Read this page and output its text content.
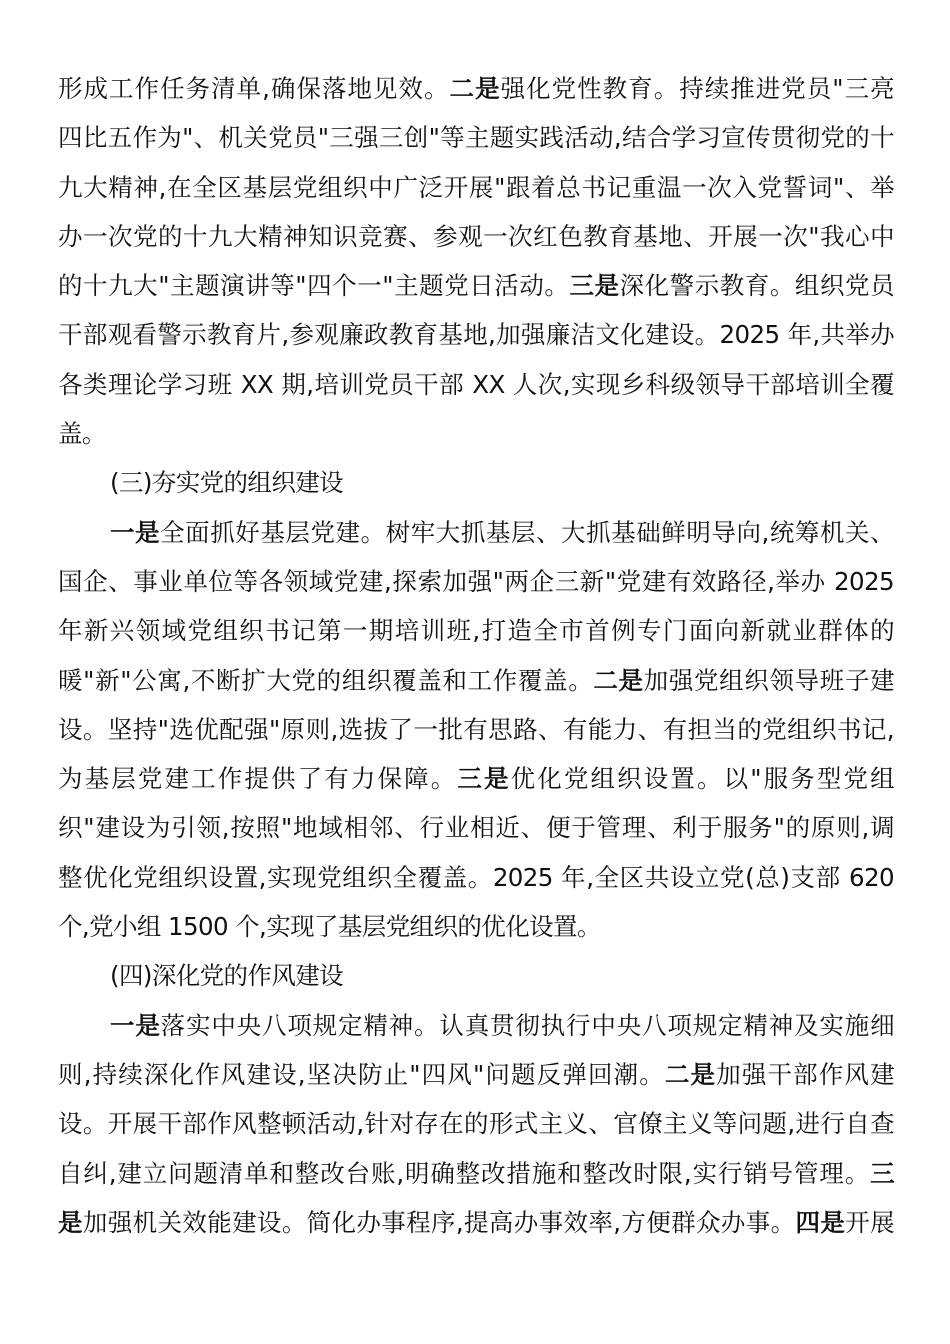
形成工作任务清单,确保落地见效。二是强化党性教育。持续推进党员"三亮
四比五作为"、机关党员"三强三创"等主题实践活动,结合学习宣传贯彻党的十
九大精神,在全区基层党组织中广泛开展"跟着总书记重温一次入党誓词"、举
办一次党的十九大精神知识竞赛、参观一次红色教育基地、开展一次"我心中
的十九大"主题演讲等"四个一"主题党日活动。三是深化警示教育。组织党员
干部观看警示教育片,参观廉政教育基地,加强廉洁文化建设。2025 年,共举办
各类理论学习班 XX 期,培训党员干部 XX 人次,实现乡科级领导干部培训全覆
盖。
(三)夯实党的组织建设
一是全面抓好基层党建。树牢大抓基层、大抓基础鲜明导向,统筹机关、
国企、事业单位等各领域党建,探索加强"两企三新"党建有效路径,举办 2025
年新兴领域党组织书记第一期培训班,打造全市首例专门面向新就业群体的
暖"新"公寓,不断扩大党的组织覆盖和工作覆盖。二是加强党组织领导班子建
设。坚持"选优配强"原则,选拔了一批有思路、有能力、有担当的党组织书记,
为基层党建工作提供了有力保障。三是优化党组织设置。以"服务型党组
织"建设为引领,按照"地域相邻、行业相近、便于管理、利于服务"的原则,调
整优化党组织设置,实现党组织全覆盖。2025 年,全区共设立党(总)支部 620
个,党小组 1500 个,实现了基层党组织的优化设置。
(四)深化党的作风建设
一是落实中央八项规定精神。认真贯彻执行中央八项规定精神及实施细
则,持续深化作风建设,坚决防止"四风"问题反弹回潮。二是加强干部作风建
设。开展干部作风整顿活动,针对存在的形式主义、官僚主义等问题,进行自查
自纠,建立问题清单和整改台账,明确整改措施和整改时限,实行销号管理。三
是加强机关效能建设。简化办事程序,提高办事效率,方便群众办事。四是开展
